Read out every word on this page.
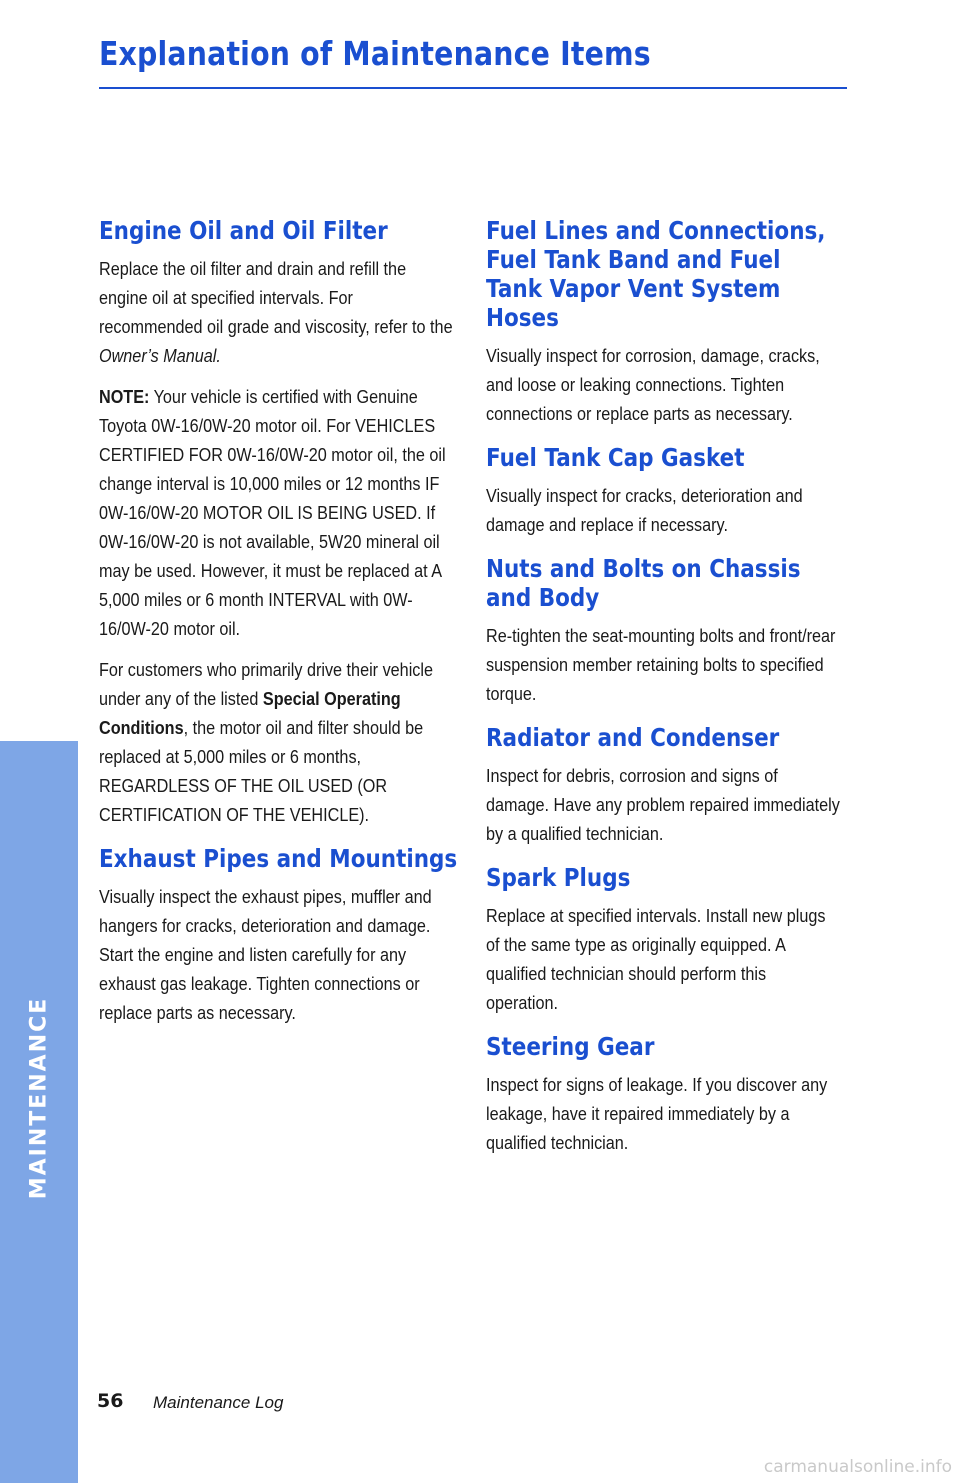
Explanation of Maintenance Items
Engine Oil and Oil Filter

Replace the oil filter and drain and refill the engine oil at specified intervals. For recommended oil grade and viscosity, refer to the Owner’s Manual.

NOTE: Your vehicle is certified with Genuine Toyota 0W-16/0W-20 motor oil. For VEHICLES CERTIFIED FOR 0W-16/0W-20 motor oil, the oil change interval is 10,000 miles or 12 months IF 0W-16/0W-20 MOTOR OIL IS BEING USED. If 0W-16/0W-20 is not available, 5W20 mineral oil may be used. However, it must be replaced at A 5,000 miles or 6 month INTERVAL with 0W-16/0W-20 motor oil.

For customers who primarily drive their vehicle under any of the listed Special Operating Conditions, the motor oil and filter should be replaced at 5,000 miles or 6 months, REGARDLESS OF THE OIL USED (OR CERTIFICATION OF THE VEHICLE).

Exhaust Pipes and Mountings

Visually inspect the exhaust pipes, muffler and hangers for cracks, deterioration and damage. Start the engine and listen carefully for any exhaust gas leakage. Tighten connections or replace parts as necessary.

Fuel Lines and Connections, Fuel Tank Band and Fuel Tank Vapor Vent System Hoses

Visually inspect for corrosion, damage, cracks, and loose or leaking connections. Tighten connections or replace parts as necessary.

Fuel Tank Cap Gasket

Visually inspect for cracks, deterioration and damage and replace if necessary.

Nuts and Bolts on Chassis and Body

Re-tighten the seat-mounting bolts and front/rear suspension member retaining bolts to specified torque.

Radiator and Condenser

Inspect for debris, corrosion and signs of damage. Have any problem repaired immediately by a qualified technician.

Spark Plugs

Replace at specified intervals. Install new plugs of the same type as originally equipped. A qualified technician should perform this operation.

Steering Gear

Inspect for signs of leakage. If you discover any leakage, have it repaired immediately by a qualified technician.

MAINTENANCE
56 Maintenance Log
carmanualsonline.info
